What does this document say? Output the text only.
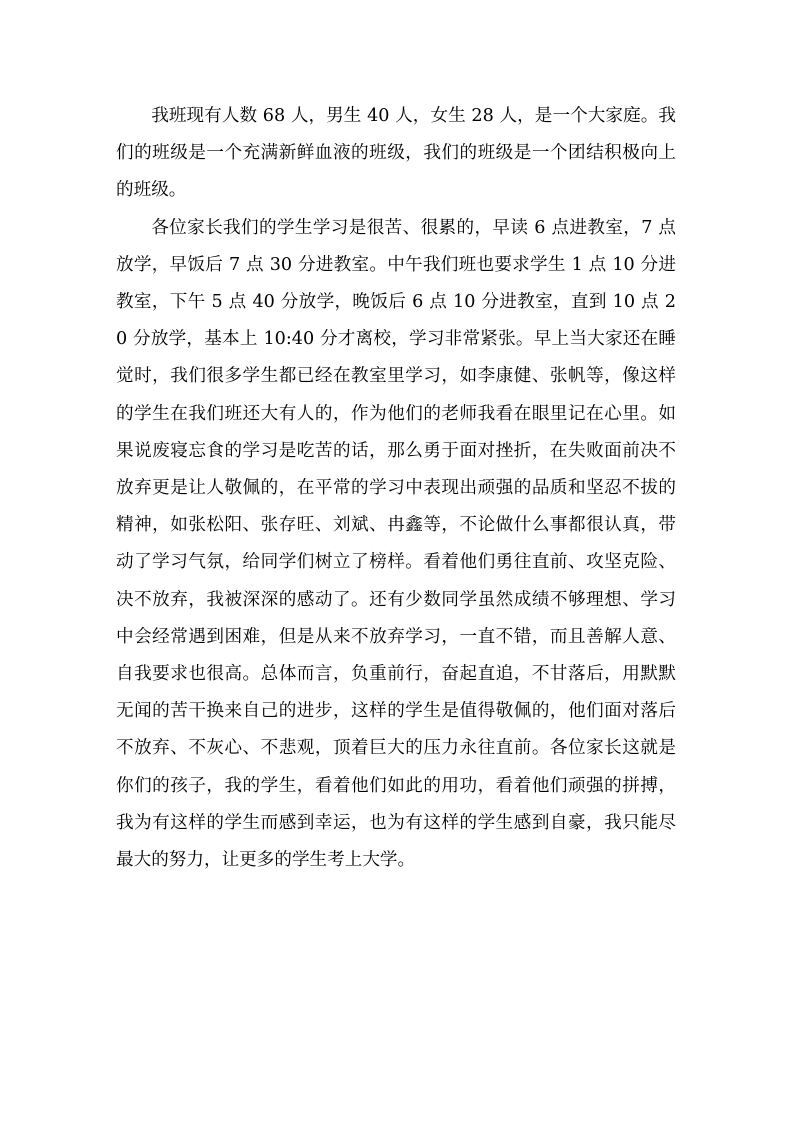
我班现有人数 68 人，男生 40 人，女生 28 人，是一个大家庭。我们的班级是一个充满新鲜血液的班级，我们的班级是一个团结积极向上的班级。

各位家长我们的学生学习是很苦、很累的，早读 6 点进教室，7 点放学，早饭后 7 点 30 分进教室。中午我们班也要求学生 1 点 10 分进教室，下午 5 点 40 分放学，晚饭后 6 点 10 分进教室，直到 10 点 20 分放学，基本上 10:40 分才离校，学习非常紧张。早上当大家还在睡觉时，我们很多学生都已经在教室里学习，如李康健、张帆等，像这样的学生在我们班还大有人的，作为他们的老师我看在眼里记在心里。如果说废寝忘食的学习是吃苦的话，那么勇于面对挫折，在失败面前决不放弃更是让人敬佩的，在平常的学习中表现出顽强的品质和坚忍不拔的精神，如张松阳、张存旺、刘斌、冉鑫等，不论做什么事都很认真，带动了学习气氛，给同学们树立了榜样。看着他们勇往直前、攻坚克险、决不放弃，我被深深的感动了。还有少数同学虽然成绩不够理想、学习中会经常遇到困难，但是从来不放弃学习，一直不错，而且善解人意、自我要求也很高。总体而言，负重前行，奋起直追，不甘落后，用默默无闻的苦干换来自己的进步，这样的学生是值得敬佩的，他们面对落后不放弃、不灰心、不悲观，顶着巨大的压力永往直前。各位家长这就是你们的孩子，我的学生，看着他们如此的用功，看着他们顽强的拼搏，我为有这样的学生而感到幸运，也为有这样的学生感到自豪，我只能尽最大的努力，让更多的学生考上大学。
